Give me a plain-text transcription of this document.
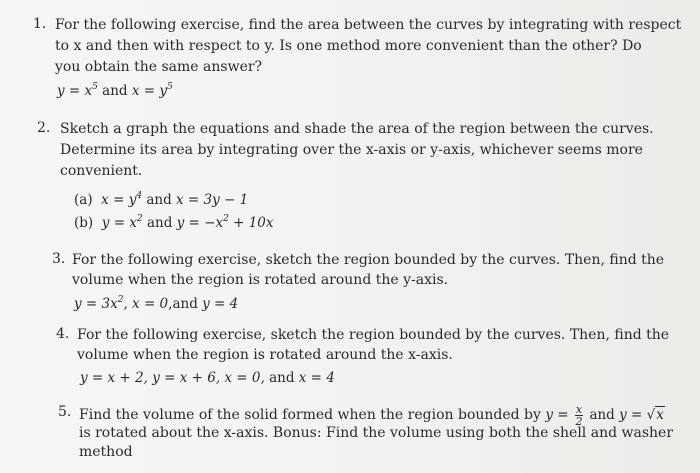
1. For the following exercise, find the area between the curves by integrating with respect
to x and then with respect to y. Is one method more convenient than the other? Do
you obtain the same answer?
$y = x^5$ and $x = y^5$
2. Sketch a graph the equations and shade the area of the region between the curves.
Determine its area by integrating over the x-axis or y-axis, whichever seems more
convenient.
(a)  $x = y^4$ and x = 3y − 1
(b)  $y = x^2$ and $y = -x^2 + 10x$
3. For the following exercise, sketch the region bounded by the curves. Then, find the
volume when the region is rotated around the y-axis.
$y = 3x^2$, x = 0,and y = 4
4. For the following exercise, sketch the region bounded by the curves. Then, find the
volume when the region is rotated around the x-axis.
y = x + 2, y = x + 6, x = 0, and x = 4
5. Find the volume of the solid formed when the region bounded by $y = \frac{x}{2}$ and y = √x
is rotated about the x-axis. Bonus: Find the volume using both the shell and washer
method
